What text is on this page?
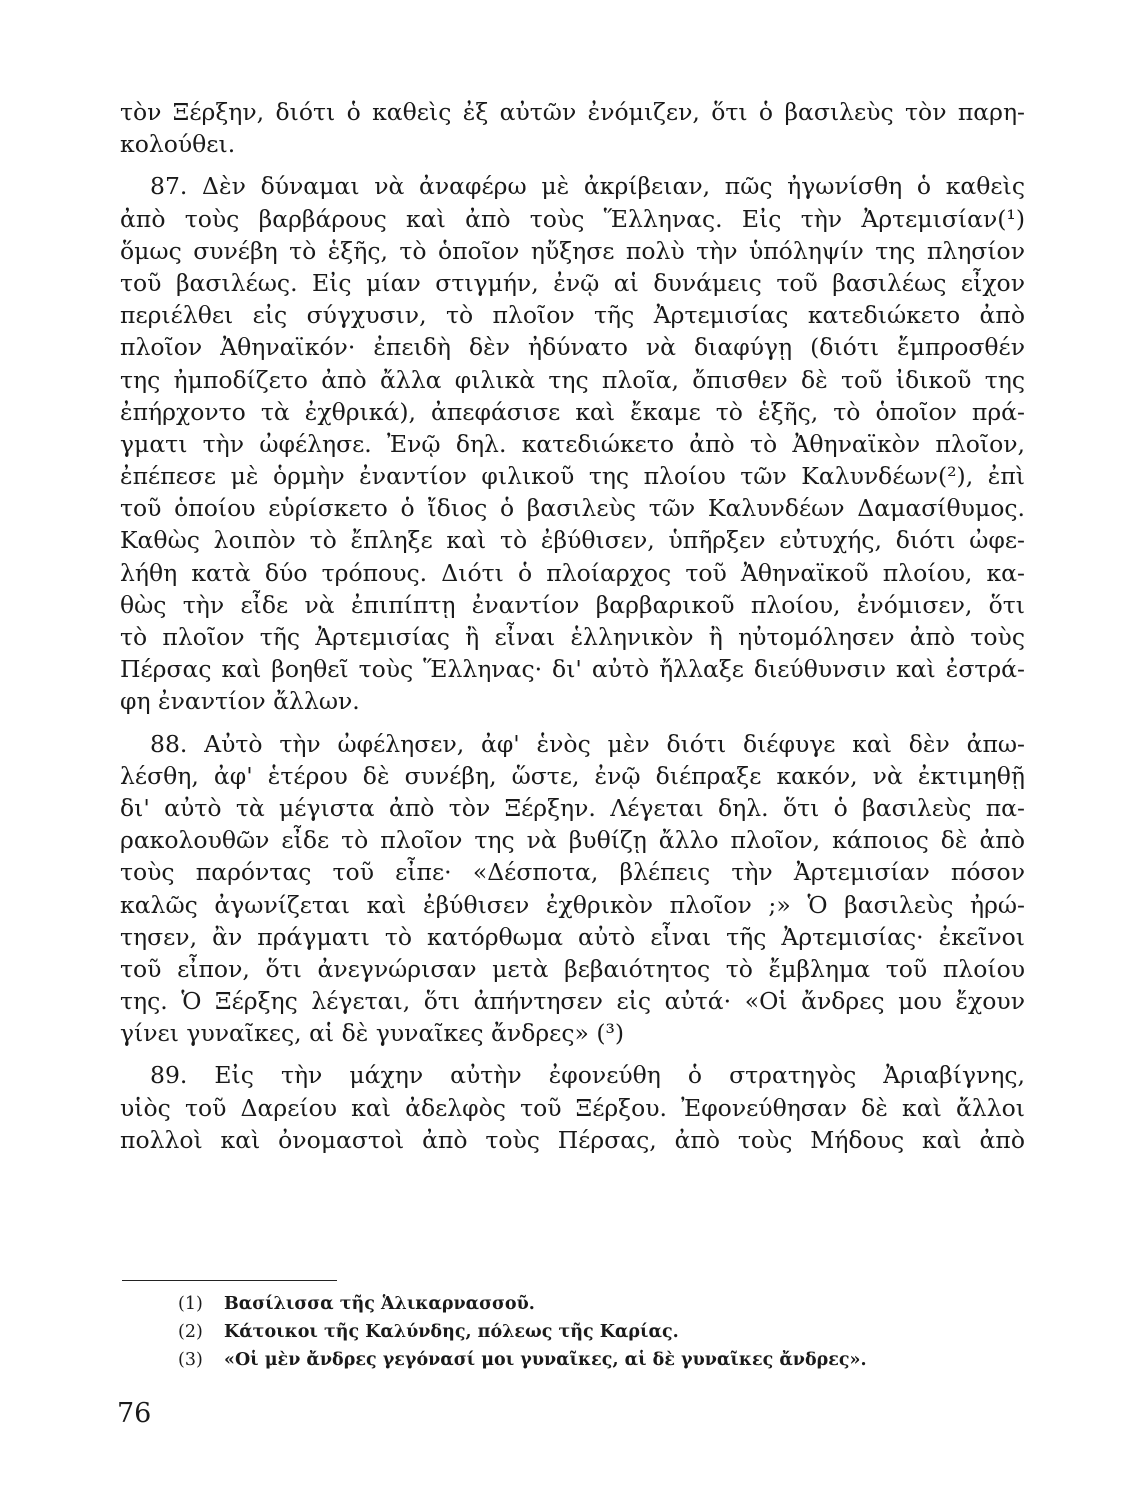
τὸν Ξέρξην, διότι ὁ καθεὶς ἐξ αὐτῶν ἐνόμιζεν, ὅτι ὁ βασιλεὺς τὸν παρη-
κολούθει.
87. Δὲν δύναμαι νὰ ἀναφέρω μὲ ἀκρίβειαν, πῶς ἠγωνίσθη ὁ καθεὶς
ἀπὸ τοὺς βαρβάρους καὶ ἀπὸ τοὺς Ἕλληνας. Εἰς τὴν Ἀρτεμισίαν(¹)
ὅμως συνέβη τὸ ἑξῆς, τὸ ὁποῖον ηὔξησε πολὺ τὴν ὑπόληψίν της πλησίον
τοῦ βασιλέως. Εἰς μίαν στιγμήν, ἐνῷ αἱ δυνάμεις τοῦ βασιλέως εἶχον
περιέλθει εἰς σύγχυσιν, τὸ πλοῖον τῆς Ἀρτεμισίας κατεδιώκετο ἀπὸ
πλοῖον Ἀθηναϊκόν· ἐπειδὴ δὲν ἠδύνατο νὰ διαφύγῃ (διότι ἔμπροσθέν
της ἠμποδίζετο ἀπὸ ἄλλα φιλικὰ της πλοῖα, ὄπισθεν δὲ τοῦ ἰδικοῦ της
ἐπήρχοντο τὰ ἐχθρικά), ἀπεφάσισε καὶ ἔκαμε τὸ ἑξῆς, τὸ ὁποῖον πρά-
γματι τὴν ὠφέλησε. Ἐνῷ δηλ. κατεδιώκετο ἀπὸ τὸ Ἀθηναϊκὸν πλοῖον,
ἐπέπεσε μὲ ὁρμὴν ἐναντίον φιλικοῦ της πλοίου τῶν Καλυνδέων(²), ἐπὶ
τοῦ ὁποίου εὑρίσκετο ὁ ἴδιος ὁ βασιλεὺς τῶν Καλυνδέων Δαμασίθυμος.
Καθὼς λοιπὸν τὸ ἔπληξε καὶ τὸ ἐβύθισεν, ὑπῆρξεν εὐτυχής, διότι ὠφε-
λήθη κατὰ δύο τρόπους. Διότι ὁ πλοίαρχος τοῦ Ἀθηναϊκοῦ πλοίου, κα-
θὼς τὴν εἶδε νὰ ἐπιπίπτῃ ἐναντίον βαρβαρικοῦ πλοίου, ἐνόμισεν, ὅτι
τὸ πλοῖον τῆς Ἀρτεμισίας ἢ εἶναι ἑλληνικὸν ἢ ηὐτομόλησεν ἀπὸ τοὺς
Πέρσας καὶ βοηθεῖ τοὺς Ἕλληνας· δι' αὐτὸ ἤλλαξε διεύθυνσιν καὶ ἐστρά-
φη ἐναντίον ἄλλων.
88. Αὐτὸ τὴν ὠφέλησεν, ἀφ' ἑνὸς μὲν διότι διέφυγε καὶ δὲν ἀπω-
λέσθη, ἀφ' ἑτέρου δὲ συνέβη, ὥστε, ἐνῷ διέπραξε κακόν, νὰ ἐκτιμηθῇ
δι' αὐτὸ τὰ μέγιστα ἀπὸ τὸν Ξέρξην. Λέγεται δηλ. ὅτι ὁ βασιλεὺς πα-
ρακολουθῶν εἶδε τὸ πλοῖον της νὰ βυθίζῃ ἄλλο πλοῖον, κάποιος δὲ ἀπὸ
τοὺς παρόντας τοῦ εἶπε· «Δέσποτα, βλέπεις τὴν Ἀρτεμισίαν πόσον
καλῶς ἀγωνίζεται καὶ ἐβύθισεν ἐχθρικὸν πλοῖον ;» Ὁ βασιλεὺς ἠρώ-
τησεν, ἂν πράγματι τὸ κατόρθωμα αὐτὸ εἶναι τῆς Ἀρτεμισίας· ἐκεῖνοι
τοῦ εἶπον, ὅτι ἀνεγνώρισαν μετὰ βεβαιότητος τὸ ἔμβλημα τοῦ πλοίου
της. Ὁ Ξέρξης λέγεται, ὅτι ἀπήντησεν εἰς αὐτά· «Οἱ ἄνδρες μου ἔχουν
γίνει γυναῖκες, αἱ δὲ γυναῖκες ἄνδρες» (³)
89. Εἰς τὴν μάχην αὐτὴν ἐφονεύθη ὁ στρατηγὸς Ἀριαβίγνης,
υἱὸς τοῦ Δαρείου καὶ ἀδελφὸς τοῦ Ξέρξου. Ἐφονεύθησαν δὲ καὶ ἄλλοι
πολλοὶ καὶ ὀνομαστοὶ ἀπὸ τοὺς Πέρσας, ἀπὸ τοὺς Μήδους καὶ ἀπὸ
(1) Βασίλισσα τῆς Ἁλικαρνασσοῦ.
(2) Κάτοικοι τῆς Καλύνδης, πόλεως τῆς Καρίας.
(3) «Οἱ μὲν ἄνδρες γεγόνασί μοι γυναῖκες, αἱ δὲ γυναῖκες ἄνδρες».
76
